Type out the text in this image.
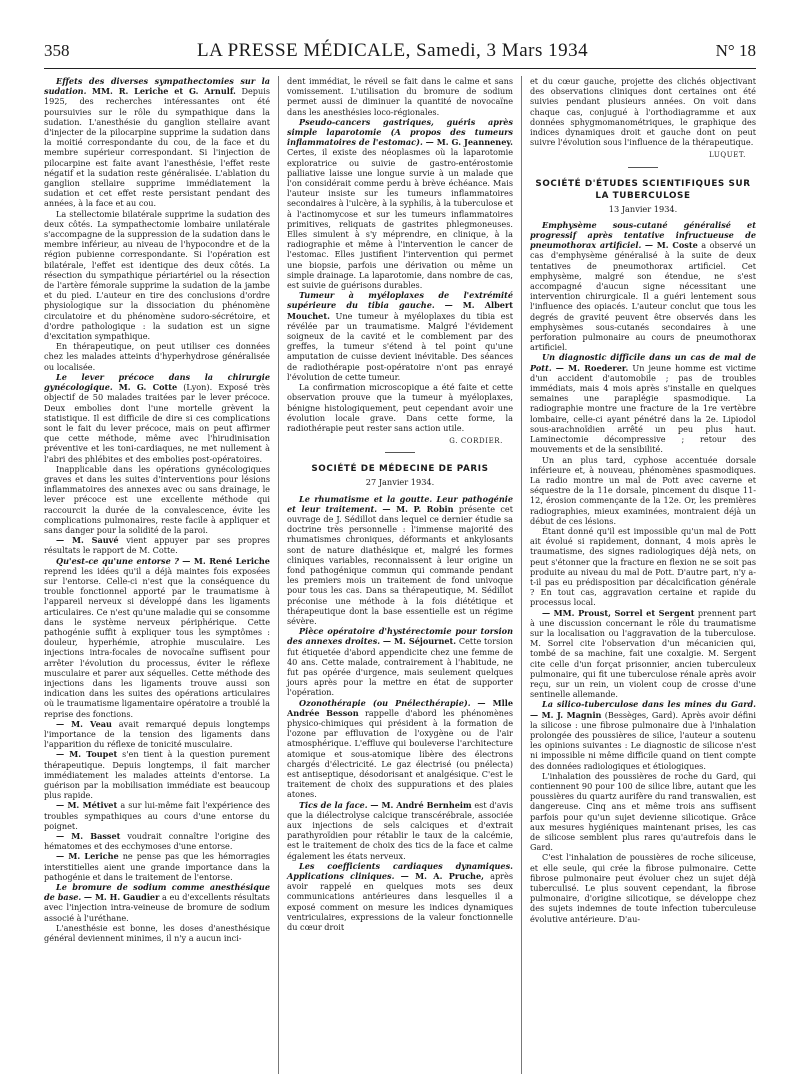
358	LA PRESSE MÉDICALE, Samedi, 3 Mars 1934	N° 18

Effets des diverses sympathectomies sur la sudation. MM. R. Leriche et G. Arnulf. Depuis 1925, des recherches intéressantes ont été poursuivies sur le rôle du sympathique dans la sudation. L'anesthésie du ganglion stellaire avant d'injecter de la pilocarpine supprime la sudation dans la moitié correspondante du cou, de la face et du membre supérieur correspondant. Si l'injection de pilocarpine est faite avant l'anesthésie, l'effet reste négatif et la sudation reste généralisée. L'ablation du ganglion stellaire supprime immédiatement la sudation et cet effet reste persistant pendant des années, à la face et au cou.

La stellectomie bilatérale supprime la sudation des deux côtés. La sympathectomie lombaire unilatérale s'accompagne de la suppression de la sudation dans le membre inférieur, au niveau de l'hypocondre et de la région pubienne correspondante. Si l'opération est bilatérale, l'effet est identique des deux côtés. La résection du sympathique périartériel ou la résection de l'artère fémorale supprime la sudation de la jambe et du pied. L'auteur en tire des conclusions d'ordre physiologique sur la dissociation du phénomène circulatoire et du phénomène sudoro-sécrétoire, et d'ordre pathologique : la sudation est un signe d'excitation sympathique.

En thérapeutique, on peut utiliser ces données chez les malades atteints d'hyperhydrose généralisée ou localisée.

Le lever précoce dans la chirurgie gynécologique. M. G. Cotte (Lyon). Exposé très objectif de 50 malades traitées par le lever précoce. Deux embolies dont l'une mortelle grèvent la statistique. Il est difficile de dire si ces complications sont le fait du lever précoce, mais on peut affirmer que cette méthode, même avec l'hirudinisation préventive et les toni-cardiaques, ne met nullement à l'abri des phlébites et des embolies post-opératoires.

Inapplicable dans les opérations gynécologiques graves et dans les suites d'interventions pour lésions inflammatoires des annexes avec ou sans drainage, le lever précoce est une excellente méthode qui raccourcit la durée de la convalescence, évite les complications pulmonaires, reste facile à appliquer et sans danger pour la solidité de la paroi.

— M. Sauvé vient appuyer par ses propres résultats le rapport de M. Cotte.

Qu'est-ce qu'une entorse ? — M. René Leriche reprend les idées qu'il a déjà maintes fois exposées sur l'entorse. Celle-ci n'est que la conséquence du trouble fonctionnel apporté par le traumatisme à l'appareil nerveux si développé dans les ligaments articulaires. Ce n'est qu'une maladie qui se consomme dans le système nerveux périphérique. Cette pathogénie suffit à expliquer tous les symptômes : douleur, hyperhémie, atrophie musculaire. Les injections intra-focales de novocaïne suffisent pour arrêter l'évolution du processus, éviter le réflexe musculaire et parer aux séquelles. Cette méthode des injections dans les ligaments trouve aussi son indication dans les suites des opérations articulaires où le traumatisme ligamentaire opératoire a troublé la reprise des fonctions.

— M. Veau avait remarqué depuis longtemps l'importance de la tension des ligaments dans l'apparition du réflexe de tonicité musculaire.

— M. Toupet s'en tient à la question purement thérapeutique. Depuis longtemps, il fait marcher immédiatement les malades atteints d'entorse. La guérison par la mobilisation immédiate est beaucoup plus rapide.

— M. Métivet a sur lui-même fait l'expérience des troubles sympathiques au cours d'une entorse du poignet.

— M. Basset voudrait connaître l'origine des hématomes et des ecchymoses d'une entorse.

— M. Leriche ne pense pas que les hémorragies interstitielles aient une grande importance dans la pathogénie et dans le traitement de l'entorse.

Le bromure de sodium comme anesthésique de base. — M. H. Gaudier a eu d'excellents résultats avec l'injection intra-veineuse de bromure de sodium associé à l'uréthane.

L'anesthésie est bonne, les doses d'anesthésique général deviennent minimes, il n'y a aucun inci-

dent immédiat, le réveil se fait dans le calme et sans vomissement. L'utilisation du bromure de sodium permet aussi de diminuer la quantité de novocaïne dans les anesthésies loco-régionales.

Pseudo-cancers gastriques, guéris après simple laparotomie (A propos des tumeurs inflammatoires de l'estomac). — M. G. Jeanneney. Certes, il existe des néoplasmes où la laparotomie exploratrice ou suivie de gastro-entérostomie palliative laisse une longue survie à un malade que l'on considérait comme perdu à brève échéance. Mais l'auteur insiste sur les tumeurs inflammatoires secondaires à l'ulcère, à la syphilis, à la tuberculose et à l'actinomycose et sur les tumeurs inflammatoires primitives, reliquats de gastrites phlegmoneuses. Elles simulent à s'y méprendre, en clinique, à la radiographie et même à l'intervention le cancer de l'estomac. Elles justifient l'intervention qui permet une biopsie, parfois une dérivation ou même un simple drainage. La laparotomie, dans nombre de cas, est suivie de guérisons durables.

Tumeur à myéloplaxes de l'extrémité supérieure du tibia gauche. — M. Albert Mouchet. Une tumeur à myéloplaxes du tibia est révélée par un traumatisme. Malgré l'évidement soigneux de la cavité et le comblement par des greffes, la tumeur s'étend à tel point qu'une amputation de cuisse devient inévitable. Des séances de radiothérapie post-opératoire n'ont pas enrayé l'évolution de cette tumeur.

La confirmation microscopique a été faite et cette observation prouve que la tumeur à myéloplaxes, bénigne histologiquement, peut cependant avoir une évolution locale grave. Dans cette forme, la radiothérapie peut rester sans action utile.

G. CORDIER.
SOCIÉTÉ DE MÉDECINE DE PARIS
27 Janvier 1934.

Le rhumatisme et la goutte. Leur pathogénie et leur traitement. — M. P. Robin présente cet ouvrage de J. Sédillot dans lequel ce dernier étudie sa doctrine très personnelle : l'immense majorité des rhumatismes chroniques, déformants et ankylosants sont de nature diathésique et, malgré les formes cliniques variables, reconnaissent à leur origine un fond pathogénique commun qui commande pendant les premiers mois un traitement de fond univoque pour tous les cas. Dans sa thérapeutique, M. Sédillot préconise une méthode à la fois diététique et thérapeutique dont la base essentielle est un régime sévère.

Pièce opératoire d'hystérectomie pour torsion des annexes droites. — M. Séjournet. Cette torsion fut étiquetée d'abord appendicite chez une femme de 40 ans. Cette malade, contrairement à l'habitude, ne fut pas opérée d'urgence, mais seulement quelques jours après pour la mettre en état de supporter l'opération.

Ozonothérapie (ou Pnélecthérapie). — Mlle Andrée Besson rappelle d'abord les phénomènes physico-chimiques qui président à la formation de l'ozone par effluvation de l'oxygène ou de l'air atmosphérique. L'effluve qui bouleverse l'architecture atomique et sous-atomique libère des électrons chargés d'électricité. Le gaz électrisé (ou pnélecta) est antiseptique, désodorisant et analgésique. C'est le traitement de choix des suppurations et des plaies atones.

Tics de la face. — M. André Bernheim est d'avis que la diélectrolyse calcique transcérébrale, associée aux injections de sels calciques et d'extrait parathyroïdien pour rétablir le taux de la calcémie, est le traitement de choix des tics de la face et calme également les états nerveux.

Les coefficients cardiaques dynamiques. Applications cliniques. — M. A. Pruche, après avoir rappelé en quelques mots ses deux communications antérieures dans lesquelles il a exposé comment on mesure les indices dynamiques ventriculaires, expressions de la valeur fonctionnelle du cœur droit

et du cœur gauche, projette des clichés objectivant des observations cliniques dont certaines ont été suivies pendant plusieurs années. On voit dans chaque cas, conjugué à l'orthodiagramme et aux données sphygmomanométriques, le graphique des indices dynamiques droit et gauche dont on peut suivre l'évolution sous l'influence de la thérapeutique.

LUQUET.
SOCIÉTÉ D'ÉTUDES SCIENTIFIQUES SUR LA TUBERCULOSE
13 Janvier 1934.

Emphysème sous-cutané généralisé et progressif après tentative infructueuse de pneumothorax artificiel. — M. Coste a observé un cas d'emphysème généralisé à la suite de deux tentatives de pneumothorax artificiel. Cet emphysème, malgré son étendue, ne s'est accompagné d'aucun signe nécessitant une intervention chirurgicale. Il a guéri lentement sous l'influence des opiacés. L'auteur conclut que tous les degrés de gravité peuvent être observés dans les emphysèmes sous-cutanés secondaires à une perforation pulmonaire au cours de pneumothorax artificiel.

Un diagnostic difficile dans un cas de mal de Pott. — M. Roederer. Un jeune homme est victime d'un accident d'automobile ; pas de troubles immédiats, mais 4 mois après s'installe en quelques semaines une paraplégie spasmodique. La radiographie montre une fracture de la 1re vertèbre lombaire, celle-ci ayant pénétré dans la 2e. Lipiodol sous-arachnoïdien arrêté un peu plus haut. Laminectomie décompressive ; retour des mouvements et de la sensibilité.

Un an plus tard, cyphose accentuée dorsale inférieure et, à nouveau, phénomènes spasmodiques. La radio montre un mal de Pott avec caverne et séquestre de la 11e dorsale, pincement du disque 11-12, érosion commençante de la 12e. Or, les premières radiographies, mieux examinées, montraient déjà un début de ces lésions.

Étant donné qu'il est impossible qu'un mal de Pott ait évolué si rapidement, donnant, 4 mois après le traumatisme, des signes radiologiques déjà nets, on peut s'étonner que la fracture en flexion ne se soit pas produite au niveau du mal de Pott. D'autre part, n'y a-t-il pas eu prédisposition par décalcification générale ? En tout cas, aggravation certaine et rapide du processus local.

— MM. Proust, Sorrel et Sergent prennent part à une discussion concernant le rôle du traumatisme sur la localisation ou l'aggravation de la tuberculose. M. Sorrel cite l'observation d'un mécanicien qui, tombé de sa machine, fait une coxalgie. M. Sergent cite celle d'un forçat prisonnier, ancien tuberculeux pulmonaire, qui fit une tuberculose rénale après avoir reçu, sur un rein, un violent coup de crosse d'une sentinelle allemande.

La silico-tuberculose dans les mines du Gard. — M. J. Magnin (Bessèges, Gard). Après avoir défini la silicose : une fibrose pulmonaire due à l'inhalation prolongée des poussières de silice, l'auteur a soutenu les opinions suivantes : Le diagnostic de silicose n'est ni impossible ni même difficile quand on tient compte des données radiologiques et étiologiques.

L'inhalation des poussières de roche du Gard, qui contiennent 90 pour 100 de silice libre, autant que les poussières du quartz aurifère du rand transwalien, est dangereuse. Cinq ans et même trois ans suffisent parfois pour qu'un sujet devienne silicotique. Grâce aux mesures hygiéniques maintenant prises, les cas de silicose semblent plus rares qu'autrefois dans le Gard.

C'est l'inhalation de poussières de roche siliceuse, et elle seule, qui crée la fibrose pulmonaire. Cette fibrose pulmonaire peut évoluer chez un sujet déjà tuberculisé. Le plus souvent cependant, la fibrose pulmonaire, d'origine silicotique, se développe chez des sujets indemnes de toute infection tuberculeuse évolutive antérieure. D'au-
